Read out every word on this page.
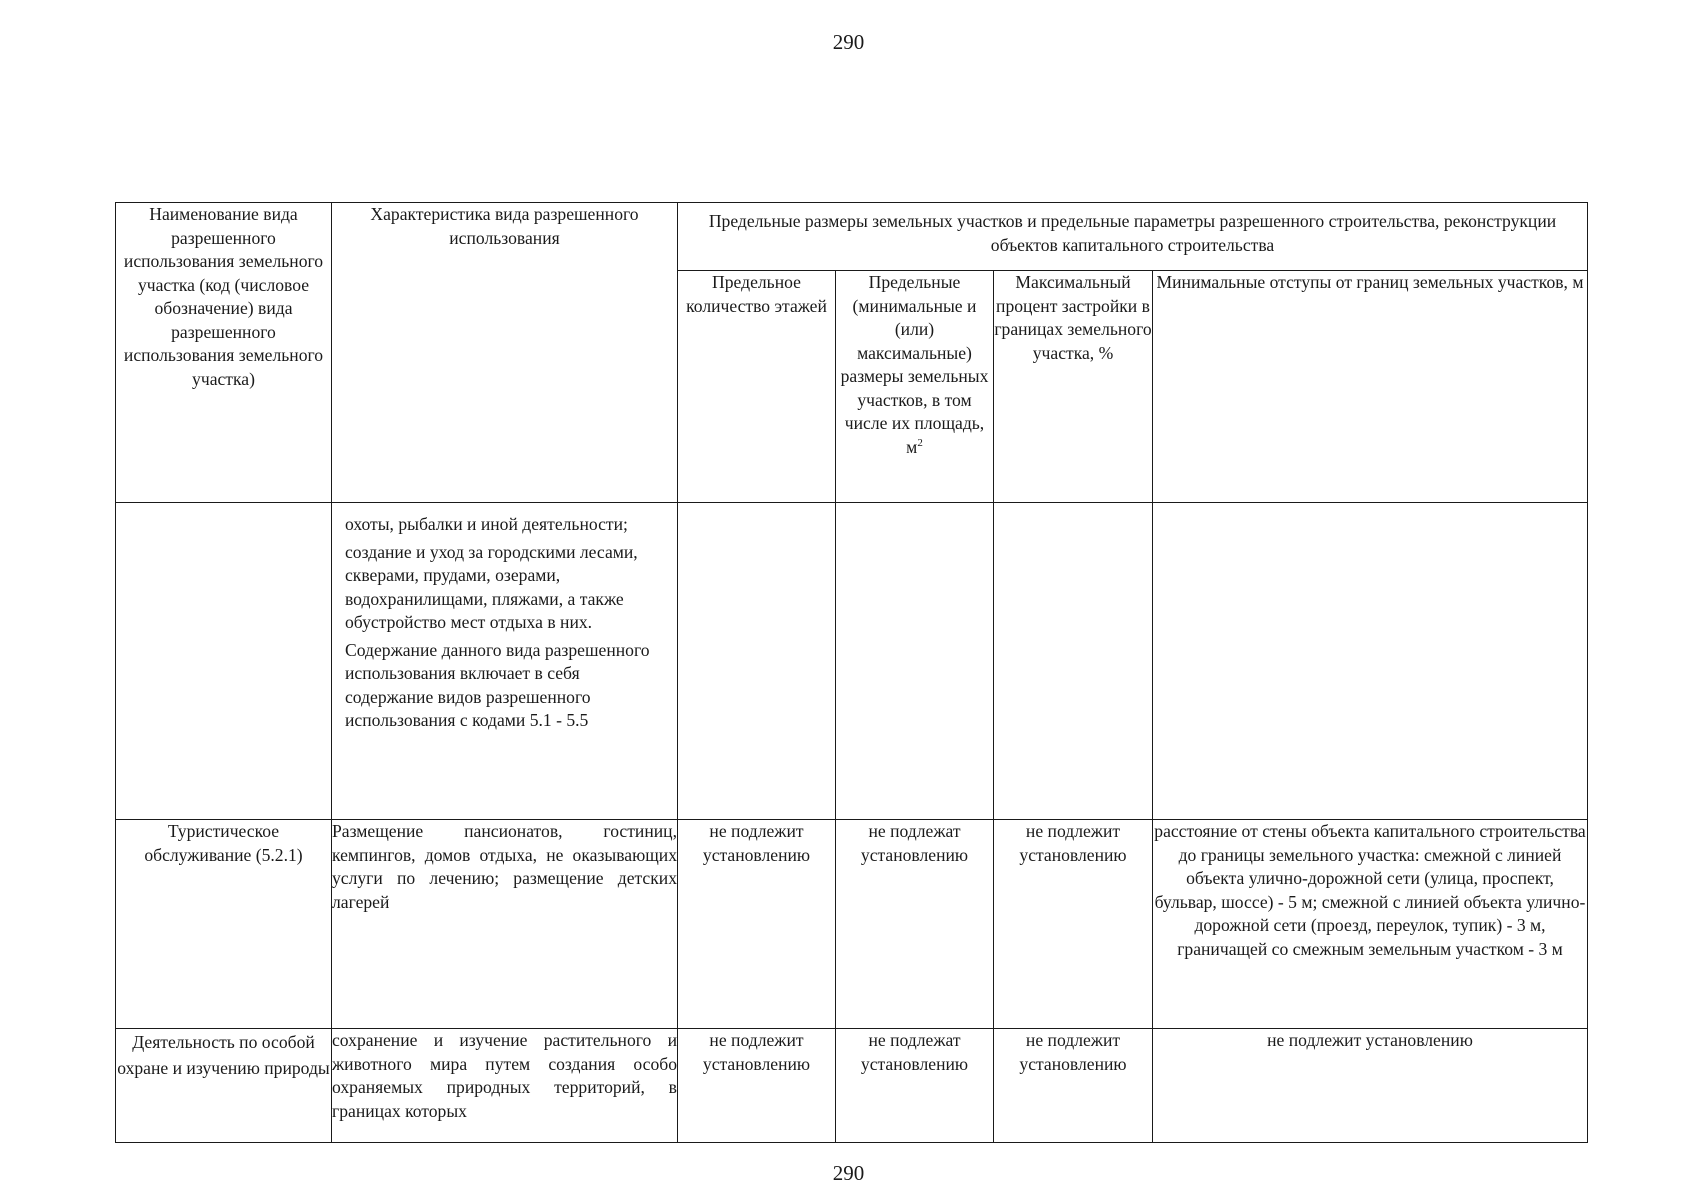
290
Наименование вида разрешенного использования земельного участка (код (числовое обозначение) вида разрешенного использования земельного участка)	Характеристика вида разрешенного использования	Предельные размеры земельных участков и предельные параметры разрешенного строительства, реконструкции объектов капитального строительства			
		Предельное количество этажей	Предельные (минимальные и (или) максимальные) размеры земельных участков, в том числе их площадь, $м^2$	Максимальный процент застройки в границах земельного участка, %	Минимальные отступы от границ земельных участков, м

	охоты, рыбалки и иной деятельности;

создание и уход за городскими лесами, скверами, прудами, озерами, водохранилищами, пляжами, а также обустройство мест отдыха в них.

Содержание данного вида разрешенного использования включает в себя содержание видов разрешенного использования с кодами 5.1 - 5.5				

Туристическое обслуживание (5.2.1)	Размещение пансионатов, гостиниц, кемпингов, домов отдыха, не оказывающих услуги по лечению; размещение детских лагерей	не подлежит установлению	не подлежат установлению	не подлежит установлению	расстояние от стены объекта капитального строительства до границы земельного участка: смежной с линией объекта улично-дорожной сети (улица, проспект, бульвар, шоссе) - 5 м; смежной с линией объекта улично-дорожной сети (проезд, переулок, тупик) - 3 м, граничащей со смежным земельным участком - 3 м
Деятельность по особой охране и изучению природы	сохранение и изучение растительного и животного мира путем создания особо охраняемых природных территорий, в границах которых	не подлежит установлению	не подлежат установлению	не подлежит установлению	не подлежит установлению
290
